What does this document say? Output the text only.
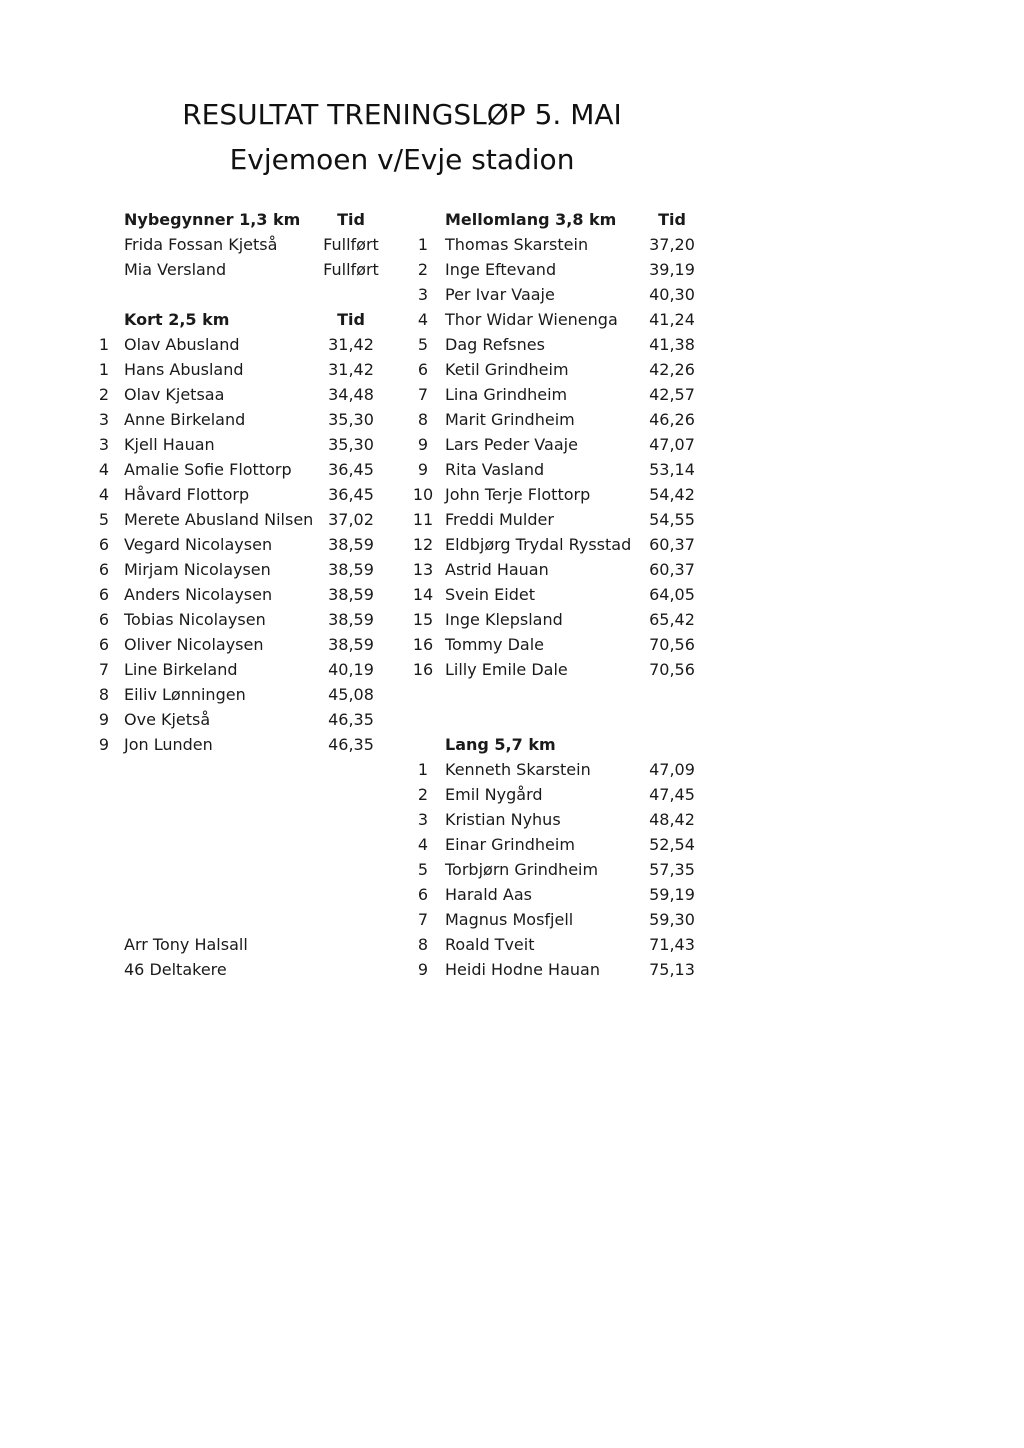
RESULTAT TRENINGSLØP 5. MAI
Evjemoen v/Evje stadion
Nybegynner 1,3 km	Tid
Frida Fossan Kjetså	Fullført
Mia Versland	Fullført
Kort 2,5 km	Tid
1 Olav Abusland	31,42
1 Hans Abusland	31,42
2 Olav Kjetsaa	34,48
3 Anne Birkeland	35,30
3 Kjell Hauan	35,30
4 Amalie Sofie Flottorp	36,45
4 Håvard Flottorp	36,45
5 Merete Abusland Nilsen 37,02
6 Vegard Nicolaysen	38,59
6 Mirjam Nicolaysen	38,59
6 Anders Nicolaysen	38,59
6 Tobias Nicolaysen	38,59
6 Oliver Nicolaysen	38,59
7 Line Birkeland	40,19
8 Eiliv Lønningen	45,08
9 Ove Kjetså	46,35
9 Jon Lunden	46,35
Mellomlang 3,8 km	Tid
1	Thomas Skarstein	37,20
2	Inge Eftevand	39,19
3	Per Ivar Vaaje	40,30
4	Thor Widar Wienenga	41,24
5	Dag Refsnes	41,38
6	Ketil Grindheim	42,26
7	Lina Grindheim	42,57
8	Marit Grindheim	46,26
9	Lars Peder Vaaje	47,07
9	Rita Vasland	53,14
10 John Terje Flottorp	54,42
11 Freddi Mulder	54,55
12 Eldbjørg Trydal Rysstad	60,37
13 Astrid Hauan	60,37
14 Svein Eidet	64,05
15 Inge Klepsland	65,42
16 Tommy Dale	70,56
16 Lilly Emile Dale	70,56
Lang 5,7 km
1	Kenneth Skarstein	47,09
2	Emil Nygård	47,45
3	Kristian Nyhus	48,42
4	Einar Grindheim	52,54
5	Torbjørn Grindheim	57,35
6	Harald Aas	59,19
7	Magnus Mosfjell	59,30
8	Roald Tveit	71,43
9	Heidi Hodne Hauan	75,13
Arr Tony Halsall
46 Deltakere
